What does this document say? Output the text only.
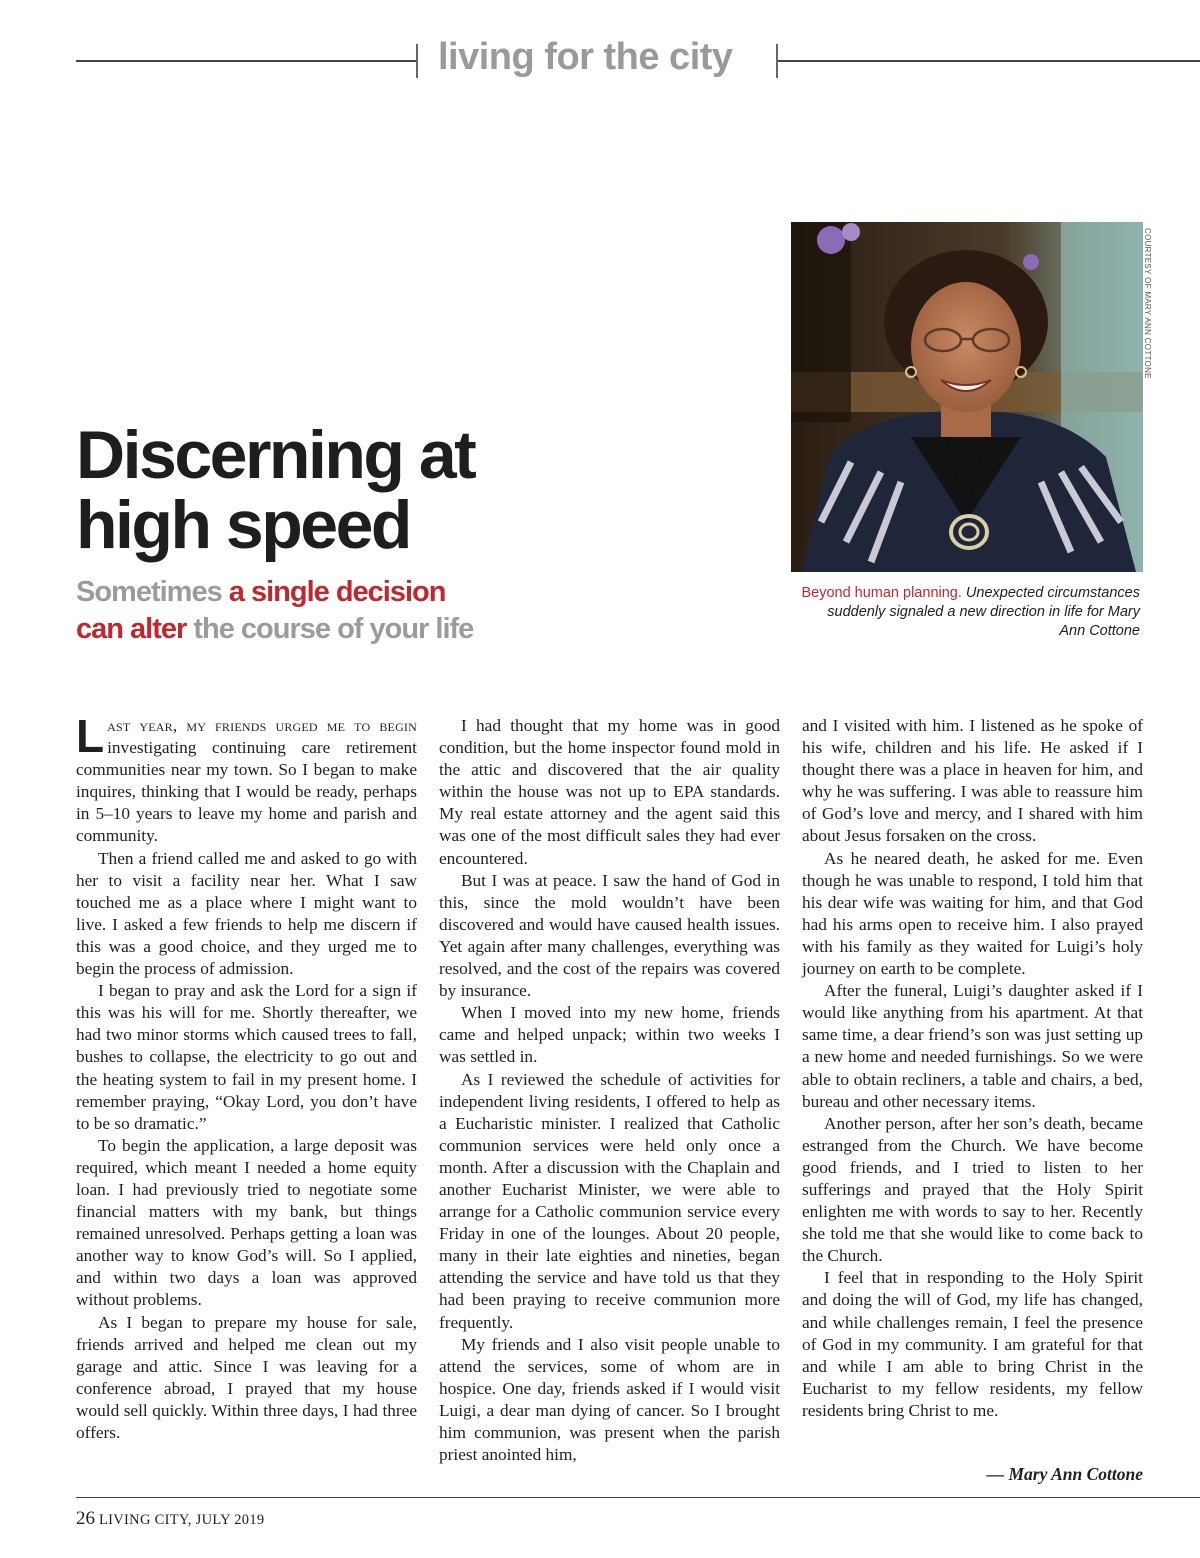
living for the city
Discerning at
high speed
Sometimes a single decision
can alter the course of your life
COURTESY OF MARY ANN COTTONE
Beyond human planning. Unexpected circumstances suddenly signaled a new direction in life for Mary Ann Cottone

Last year, my friends urged me to begin investigating continuing care retirement communities near my town. So I began to make inquires, thinking that I would be ready, perhaps in 5–10 years to leave my home and parish and community.

Then a friend called me and asked to go with her to visit a facility near her. What I saw touched me as a place where I might want to live. I asked a few friends to help me discern if this was a good choice, and they urged me to begin the process of admission.

I began to pray and ask the Lord for a sign if this was his will for me. Shortly thereafter, we had two minor storms which caused trees to fall, bushes to collapse, the electricity to go out and the heating system to fail in my present home. I remember praying, “Okay Lord, you don’t have to be so dramatic.”

To begin the application, a large deposit was required, which meant I needed a home equity loan. I had previously tried to negotiate some financial matters with my bank, but things remained unresolved. Perhaps getting a loan was another way to know God’s will. So I applied, and within two days a loan was approved without problems.

As I began to prepare my house for sale, friends arrived and helped me clean out my garage and attic. Since I was leaving for a conference abroad, I prayed that my house would sell quickly. Within three days, I had three offers.

I had thought that my home was in good condition, but the home inspector found mold in the attic and discovered that the air quality within the house was not up to EPA standards. My real estate attorney and the agent said this was one of the most difficult sales they had ever encountered.

But I was at peace. I saw the hand of God in this, since the mold wouldn’t have been discovered and would have caused health issues. Yet again after many challenges, everything was resolved, and the cost of the repairs was covered by insurance.

When I moved into my new home, friends came and helped unpack; within two weeks I was settled in.

As I reviewed the schedule of activities for independent living residents, I offered to help as a Eucharistic minister. I realized that Catholic communion services were held only once a month. After a discussion with the Chaplain and another Eucharist Minister, we were able to arrange for a Catholic communion service every Friday in one of the lounges. About 20 people, many in their late eighties and nineties, began attending the service and have told us that they had been praying to receive communion more frequently.

My friends and I also visit people unable to attend the services, some of whom are in hospice. One day, friends asked if I would visit Luigi, a dear man dying of cancer. So I brought him communion, was present when the parish priest anointed him,

and I visited with him. I listened as he spoke of his wife, children and his life. He asked if I thought there was a place in heaven for him, and why he was suffering. I was able to reassure him of God’s love and mercy, and I shared with him about Jesus forsaken on the cross.

As he neared death, he asked for me. Even though he was unable to respond, I told him that his dear wife was waiting for him, and that God had his arms open to receive him. I also prayed with his family as they waited for Luigi’s holy journey on earth to be complete.

After the funeral, Luigi’s daughter asked if I would like anything from his apartment. At that same time, a dear friend’s son was just setting up a new home and needed furnishings. So we were able to obtain recliners, a table and chairs, a bed, bureau and other necessary items.

Another person, after her son’s death, became estranged from the Church. We have become good friends, and I tried to listen to her sufferings and prayed that the Holy Spirit enlighten me with words to say to her. Recently she told me that she would like to come back to the Church.

I feel that in responding to the Holy Spirit and doing the will of God, my life has changed, and while challenges remain, I feel the presence of God in my community. I am grateful for that and while I am able to bring Christ in the Eucharist to my fellow residents, my fellow residents bring Christ to me.

— Mary Ann Cottone
26 LIVING CITY, JULY 2019
